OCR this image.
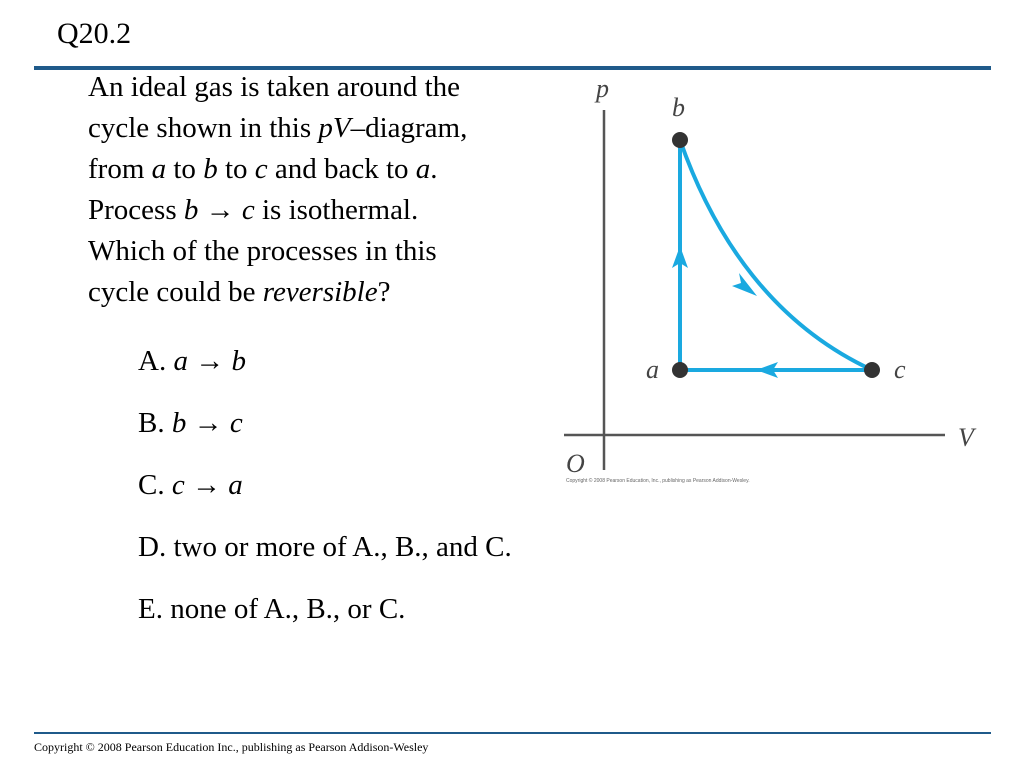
Q20.2

An ideal gas is taken around the

cycle shown in this pV–diagram,

from a to b to c and back to a.

Process b → c is isothermal.

Which of the processes in this

cycle could be reversible?

A. a → b
B. b → c
C. c → a
D. two or more of A., B., and C.
E. none of A., B., or C.
p
V
O
a
b
c
Copyright © 2008 Pearson Education, Inc., publishing as Pearson Addison-Wesley.
Copyright © 2008 Pearson Education Inc., publishing as Pearson Addison-Wesley
